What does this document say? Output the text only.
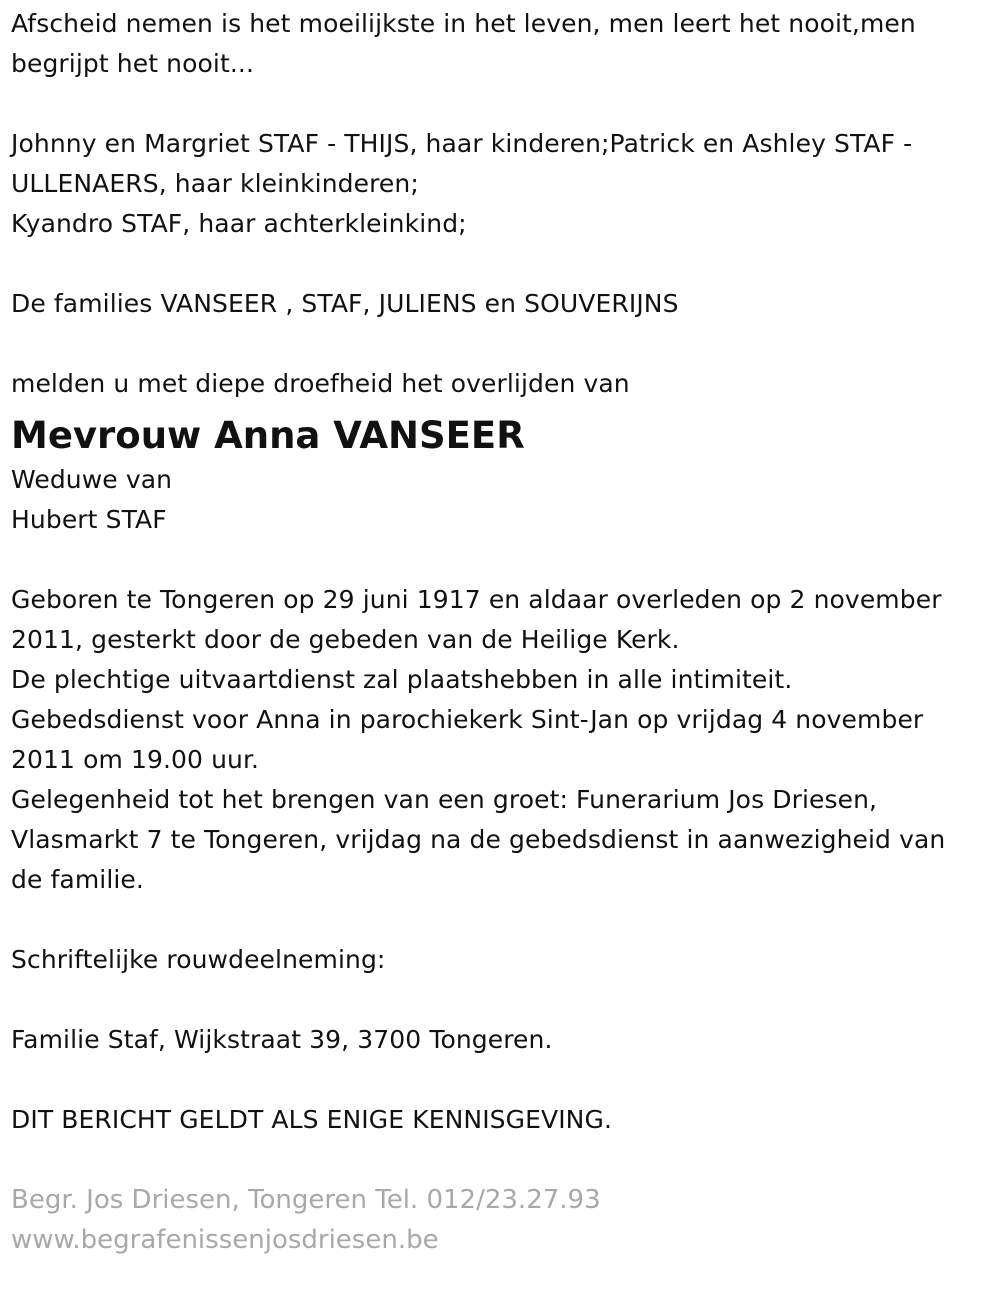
Afscheid nemen is het moeilijkste in het leven, men leert het nooit,men
begrijpt het nooit...
Johnny en Margriet STAF - THIJS, haar kinderen;Patrick en Ashley STAF -
ULLENAERS, haar kleinkinderen;
Kyandro STAF, haar achterkleinkind;
De families VANSEER , STAF, JULIENS en SOUVERIJNS
melden u met diepe droefheid het overlijden van
Mevrouw Anna VANSEER
Weduwe van
Hubert STAF
Geboren te Tongeren op 29 juni 1917 en aldaar overleden op 2 november
2011, gesterkt door de gebeden van de Heilige Kerk.
De plechtige uitvaartdienst zal plaatshebben in alle intimiteit.
Gebedsdienst voor Anna in parochiekerk Sint-Jan op vrijdag 4 november
2011 om 19.00 uur.
Gelegenheid tot het brengen van een groet: Funerarium Jos Driesen,
Vlasmarkt 7 te Tongeren, vrijdag na de gebedsdienst in aanwezigheid van
de familie.
Schriftelijke rouwdeelneming:
Familie Staf, Wijkstraat 39, 3700 Tongeren.
DIT BERICHT GELDT ALS ENIGE KENNISGEVING.
Begr. Jos Driesen, Tongeren Tel. 012/23.27.93
www.begrafenissenjosdriesen.be
